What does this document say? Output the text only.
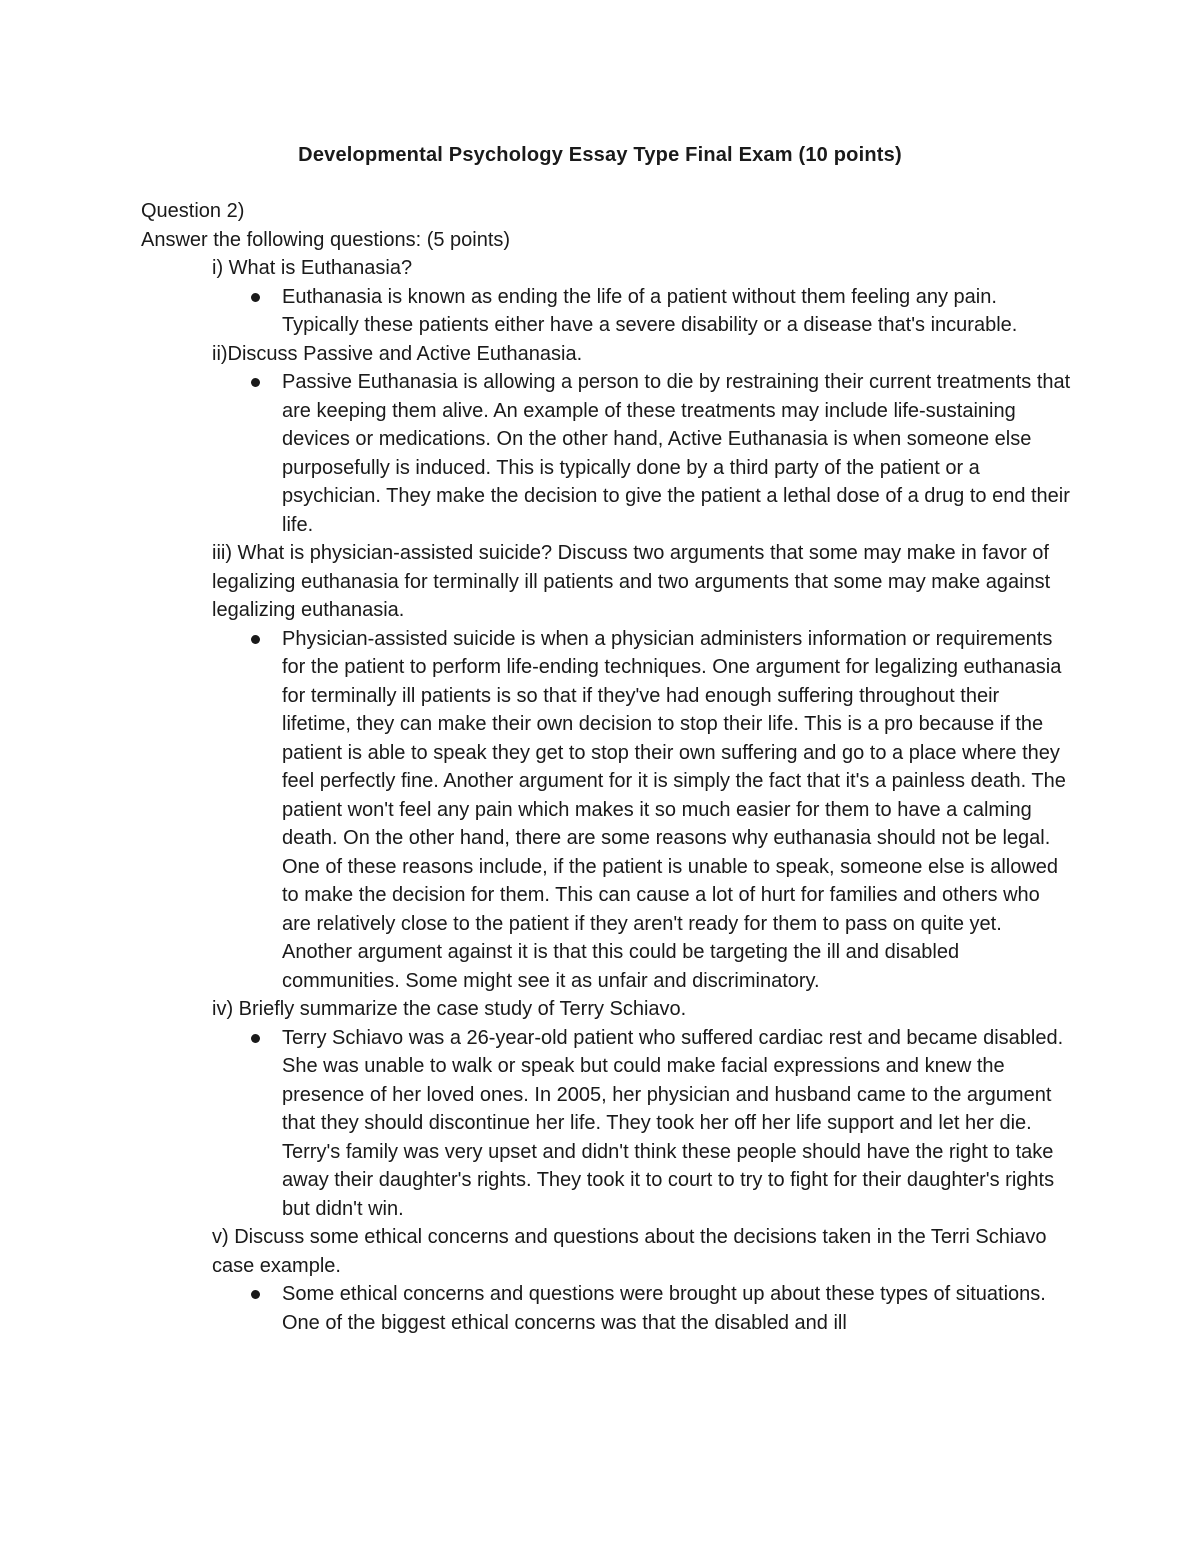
Developmental Psychology Essay Type Final Exam (10 points)

Question 2)

Answer the following questions: (5 points)

i) What is Euthanasia?

Euthanasia is known as ending the life of a patient without them feeling any pain. Typically these patients either have a severe disability or a disease that's incurable.

ii)Discuss Passive and Active Euthanasia.

Passive Euthanasia is allowing a person to die by restraining their current treatments that are keeping them alive. An example of these treatments may include life-sustaining devices or medications. On the other hand, Active Euthanasia is when someone else purposefully is induced. This is typically done by a third party of the patient or a psychician. They make the decision to give the patient a lethal dose of a drug to end their life.

iii) What is physician-assisted suicide? Discuss two arguments that some may make in favor of legalizing euthanasia for terminally ill patients and two arguments that some may make against legalizing euthanasia.

Physician-assisted suicide is when a physician administers information or requirements for the patient to perform life-ending techniques. One argument for legalizing euthanasia for terminally ill patients is so that if they've had enough suffering throughout their lifetime, they can make their own decision to stop their life. This is a pro because if the patient is able to speak they get to stop their own suffering and go to a place where they feel perfectly fine. Another argument for it is simply the fact that it's a painless death. The patient won't feel any pain which makes it so much easier for them to have a calming death. On the other hand, there are some reasons why euthanasia should not be legal. One of these reasons include, if the patient is unable to speak, someone else is allowed to make the decision for them. This can cause a lot of hurt for families and others who are relatively close to the patient if they aren't ready for them to pass on quite yet. Another argument against it is that this could be targeting the ill and disabled communities. Some might see it as unfair and discriminatory.

iv) Briefly summarize the case study of Terry Schiavo.

Terry Schiavo was a 26-year-old patient who suffered cardiac rest and became disabled. She was unable to walk or speak but could make facial expressions and knew the presence of her loved ones. In 2005, her physician and husband came to the argument that they should discontinue her life. They took her off her life support and let her die. Terry's family was very upset and didn't think these people should have the right to take away their daughter's rights. They took it to court to try to fight for their daughter's rights but didn't win.

v) Discuss some ethical concerns and questions about the decisions taken in the Terri Schiavo case example.

Some ethical concerns and questions were brought up about these types of situations. One of the biggest ethical concerns was that the disabled and ill
